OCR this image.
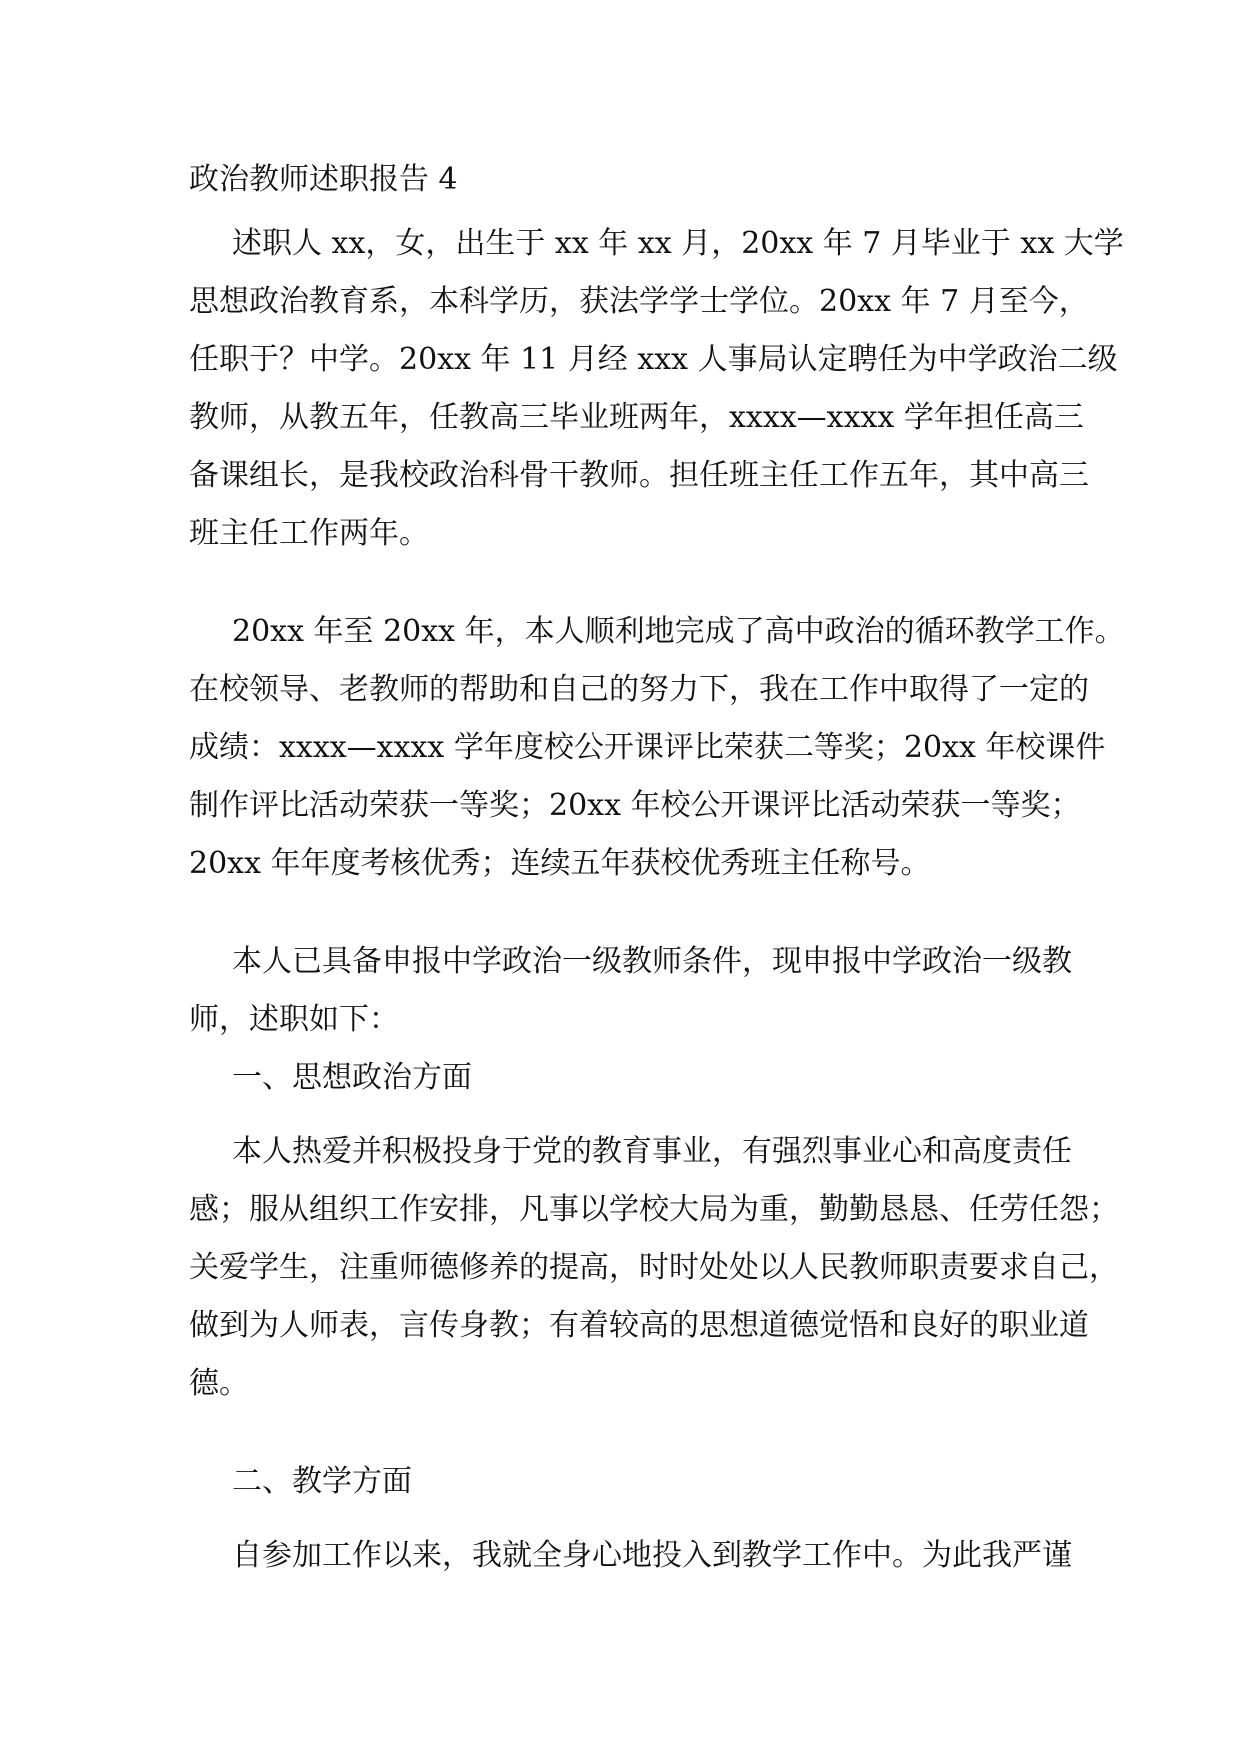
政治教师述职报告 4
述职人 xx，女，出生于 xx 年 xx 月，20xx 年 7 月毕业于 xx 大学
思想政治教育系，本科学历，获法学学士学位。20xx 年 7 月至今，
任职于？中学。20xx 年 11 月经 xxx 人事局认定聘任为中学政治二级
教师，从教五年，任教高三毕业班两年，xxxx—xxxx 学年担任高三
备课组长，是我校政治科骨干教师。担任班主任工作五年，其中高三
班主任工作两年。
20xx 年至 20xx 年，本人顺利地完成了高中政治的循环教学工作。
在校领导、老教师的帮助和自己的努力下，我在工作中取得了一定的
成绩：xxxx—xxxx 学年度校公开课评比荣获二等奖；20xx 年校课件
制作评比活动荣获一等奖；20xx 年校公开课评比活动荣获一等奖；
20xx 年年度考核优秀；连续五年获校优秀班主任称号。
本人已具备申报中学政治一级教师条件，现申报中学政治一级教
师，述职如下：
一、思想政治方面
本人热爱并积极投身于党的教育事业，有强烈事业心和高度责任
感；服从组织工作安排，凡事以学校大局为重，勤勤恳恳、任劳任怨；
关爱学生，注重师德修养的提高，时时处处以人民教师职责要求自己，
做到为人师表，言传身教；有着较高的思想道德觉悟和良好的职业道
德。
二、教学方面
自参加工作以来，我就全身心地投入到教学工作中。为此我严谨
